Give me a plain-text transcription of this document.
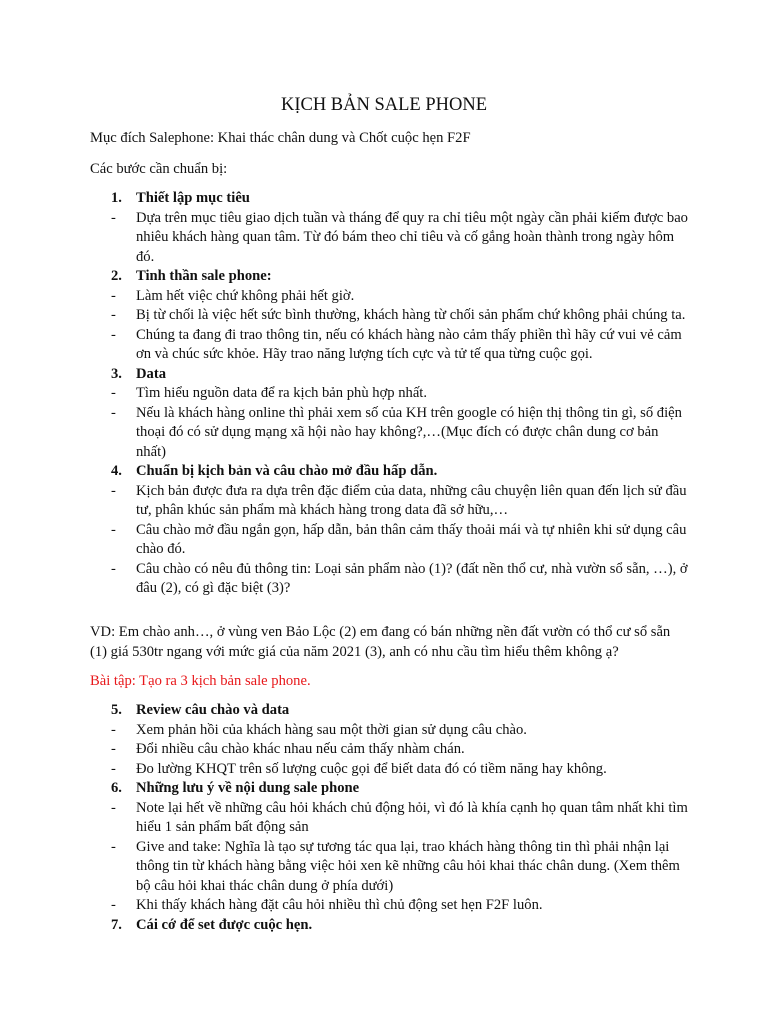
KỊCH BẢN SALE PHONE
Mục đích Salephone: Khai thác chân dung và Chốt cuộc hẹn F2F
Các bước cần chuẩn bị:
1. Thiết lập mục tiêu
- Dựa trên mục tiêu giao dịch tuần và tháng để quy ra chỉ tiêu một ngày cần phải kiếm được bao nhiêu khách hàng quan tâm. Từ đó bám theo chỉ tiêu và cố gắng hoàn thành trong ngày hôm đó.
2. Tinh thần sale phone:
- Làm hết việc chứ không phải hết giờ.
- Bị từ chối là việc hết sức bình thường, khách hàng từ chối sản phẩm chứ không phải chúng ta.
- Chúng ta đang đi trao thông tin, nếu có khách hàng nào cảm thấy phiền thì hãy cứ vui vẻ cảm ơn và chúc sức khỏe. Hãy trao năng lượng tích cực và tử tế qua từng cuộc gọi.
3. Data
- Tìm hiểu nguồn data để ra kịch bản phù hợp nhất.
- Nếu là khách hàng online thì phải xem số của KH trên google có hiện thị thông tin gì, số điện thoại đó có sử dụng mạng xã hội nào hay không?,…(Mục đích có được chân dung cơ bản nhất)
4. Chuẩn bị kịch bản và câu chào mở đầu hấp dẫn.
- Kịch bản được đưa ra dựa trên đặc điểm của data, những câu chuyện liên quan đến lịch sử đầu tư, phân khúc sản phẩm mà khách hàng trong data đã sở hữu,…
- Câu chào mở đầu ngắn gọn, hấp dẫn, bản thân cảm thấy thoải mái và tự nhiên khi sử dụng câu chào đó.
- Câu chào có nêu đủ thông tin: Loại sản phẩm nào (1)? (đất nền thổ cư, nhà vườn sổ sẵn, …), ở đâu (2), có gì đặc biệt (3)?
VD: Em chào anh…, ở vùng ven Bảo Lộc (2) em đang có bán những nền đất vườn có thổ cư sổ sẵn (1) giá 530tr ngang với mức giá của năm 2021 (3), anh có nhu cầu tìm hiểu thêm không ạ?
Bài tập: Tạo ra 3 kịch bản sale phone.
5. Review câu chào và data
- Xem phản hồi của khách hàng sau một thời gian sử dụng câu chào.
- Đổi nhiều câu chào khác nhau nếu cảm thấy nhàm chán.
- Đo lường KHQT trên số lượng cuộc gọi để biết data đó có tiềm năng hay không.
6. Những lưu ý về nội dung sale phone
- Note lại hết về những câu hỏi khách chủ động hỏi, vì đó là khía cạnh họ quan tâm nhất khi tìm hiểu 1 sản phẩm bất động sản
- Give and take: Nghĩa là tạo sự tương tác qua lại, trao khách hàng thông tin thì phải nhận lại thông tin từ khách hàng bằng việc hỏi xen kẽ những câu hỏi khai thác chân dung. (Xem thêm bộ câu hỏi khai thác chân dung ở phía dưới)
- Khi thấy khách hàng đặt câu hỏi nhiều thì chủ động set hẹn F2F luôn.
7. Cái cớ để set được cuộc hẹn.
